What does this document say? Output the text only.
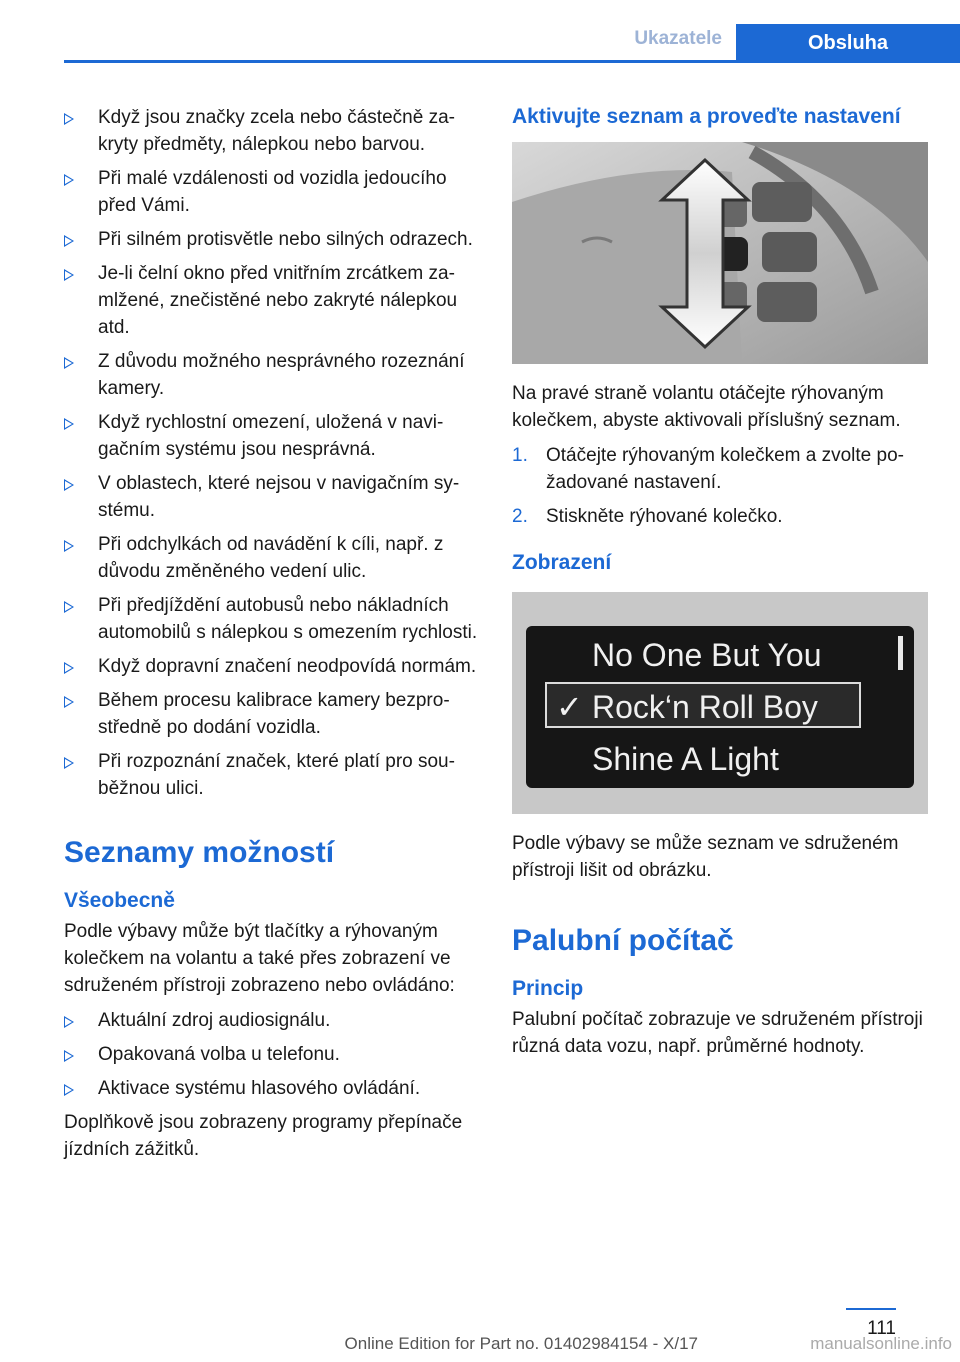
Ukazatele	Obsluha
Když jsou značky zcela nebo částečně zakryty předměty, nálepkou nebo barvou.
Při malé vzdálenosti od vozidla jedoucího před Vámi.
Při silném protisvětle nebo silných odrazech.
Je-li čelní okno před vnitřním zrcátkem zamlžené, znečistěné nebo zakryté nálepkou atd.
Z důvodu možného nesprávného rozeznání kamery.
Když rychlostní omezení, uložená v navigačním systému jsou nesprávná.
V oblastech, které nejsou v navigačním systému.
Při odchylkách od navádění k cíli, např. z důvodu změněného vedení ulic.
Při předjíždění autobusů nebo nákladních automobilů s nálepkou s omezením rychlosti.
Když dopravní značení neodpovídá normám.
Během procesu kalibrace kamery bezprostředně po dodání vozidla.
Při rozpoznání značek, které platí pro souběžnou ulici.
Seznamy možností
Všeobecně

Podle výbavy může být tlačítky a rýhovaným kolečkem na volantu a také přes zobrazení ve sdruženém přístroji zobrazeno nebo ovládáno:

Aktuální zdroj audiosignálu.
Opakovaná volba u telefonu.
Aktivace systému hlasového ovládání.

Doplňkově jsou zobrazeny programy přepínače jízdních zážitků.

Aktivujte seznam a proveďte nastavení

Na pravé straně volantu otáčejte rýhovaným kolečkem, abyste aktivovali příslušný seznam.

1. Otáčejte rýhovaným kolečkem a zvolte požadované nastavení.
2. Stiskněte rýhované kolečko.
Zobrazení
No One But You
✓ Rock‘n Roll Boy
Shine A Light

Podle výbavy se může seznam ve sdruženém přístroji lišit od obrázku.

Palubní počítač
Princip

Palubní počítač zobrazuje ve sdruženém přístroji různá data vozu, např. průměrné hodnoty.

111
Online Edition for Part no. 01402984154 - X/17	manualsonline.info
